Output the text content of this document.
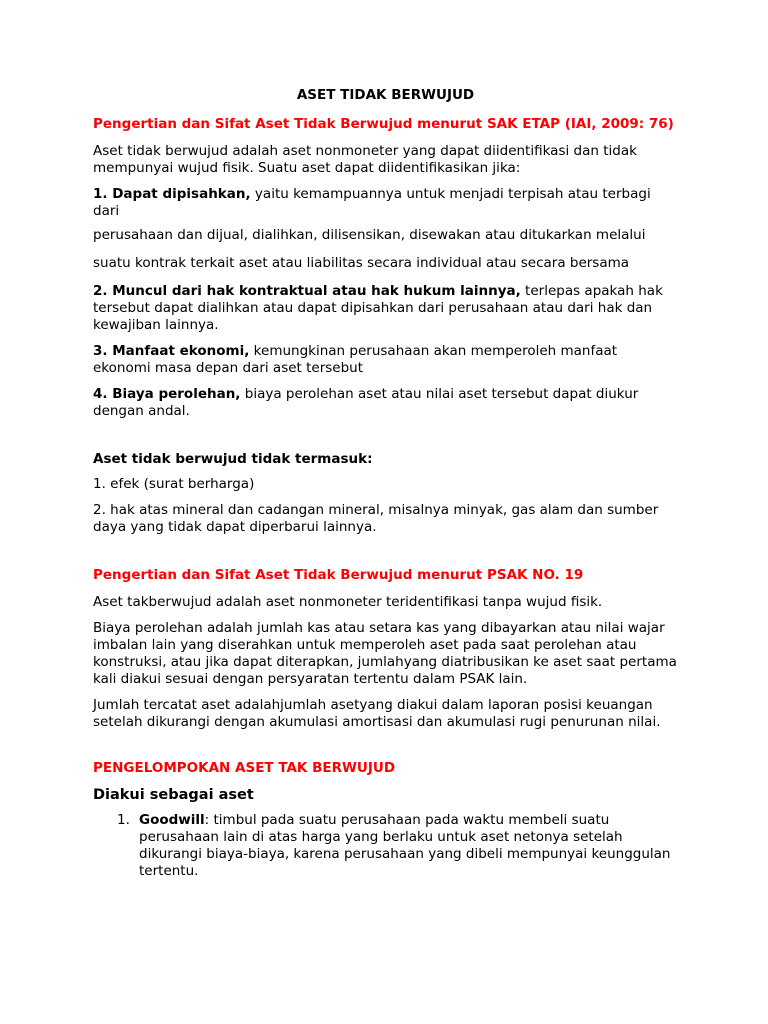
ASET TIDAK BERWUJUD
Pengertian dan Sifat Aset Tidak Berwujud menurut SAK ETAP (IAI, 2009: 76)

Aset tidak berwujud adalah aset nonmoneter yang dapat diidentifikasi dan tidak mempunyai wujud fisik. Suatu aset dapat diidentifikasikan jika:

1. Dapat dipisahkan, yaitu kemampuannya untuk menjadi terpisah atau terbagi dari

perusahaan dan dijual, dialihkan, dilisensikan, disewakan atau ditukarkan melalui

suatu kontrak terkait aset atau liabilitas secara individual atau secara bersama

2. Muncul dari hak kontraktual atau hak hukum lainnya, terlepas apakah hak tersebut dapat dialihkan atau dapat dipisahkan dari perusahaan atau dari hak dan kewajiban lainnya.

3. Manfaat ekonomi, kemungkinan perusahaan akan memperoleh manfaat ekonomi masa depan dari aset tersebut

4. Biaya perolehan, biaya perolehan aset atau nilai aset tersebut dapat diukur dengan andal.

Aset tidak berwujud tidak termasuk:

1. efek (surat berharga)

2. hak atas mineral dan cadangan mineral, misalnya minyak, gas alam dan sumber daya yang tidak dapat diperbarui lainnya.

Pengertian dan Sifat Aset Tidak Berwujud menurut PSAK NO. 19

Aset takberwujud adalah aset nonmoneter teridentifikasi tanpa wujud fisik.

Biaya perolehan adalah jumlah kas atau setara kas yang dibayarkan atau nilai wajar imbalan lain yang diserahkan untuk memperoleh aset pada saat perolehan atau konstruksi, atau jika dapat diterapkan, jumlahyang diatribusikan ke aset saat pertama kali diakui sesuai dengan persyaratan tertentu dalam PSAK lain.

Jumlah tercatat aset adalahjumlah asetyang diakui dalam laporan posisi keuangan setelah dikurangi dengan akumulasi amortisasi dan akumulasi rugi penurunan nilai.

PENGELOMPOKAN ASET TAK BERWUJUD
Diakui sebagai aset
1. Goodwill: timbul pada suatu perusahaan pada waktu membeli suatu perusahaan lain di atas harga yang berlaku untuk aset netonya setelah dikurangi biaya-biaya, karena perusahaan yang dibeli mempunyai keunggulan tertentu.
